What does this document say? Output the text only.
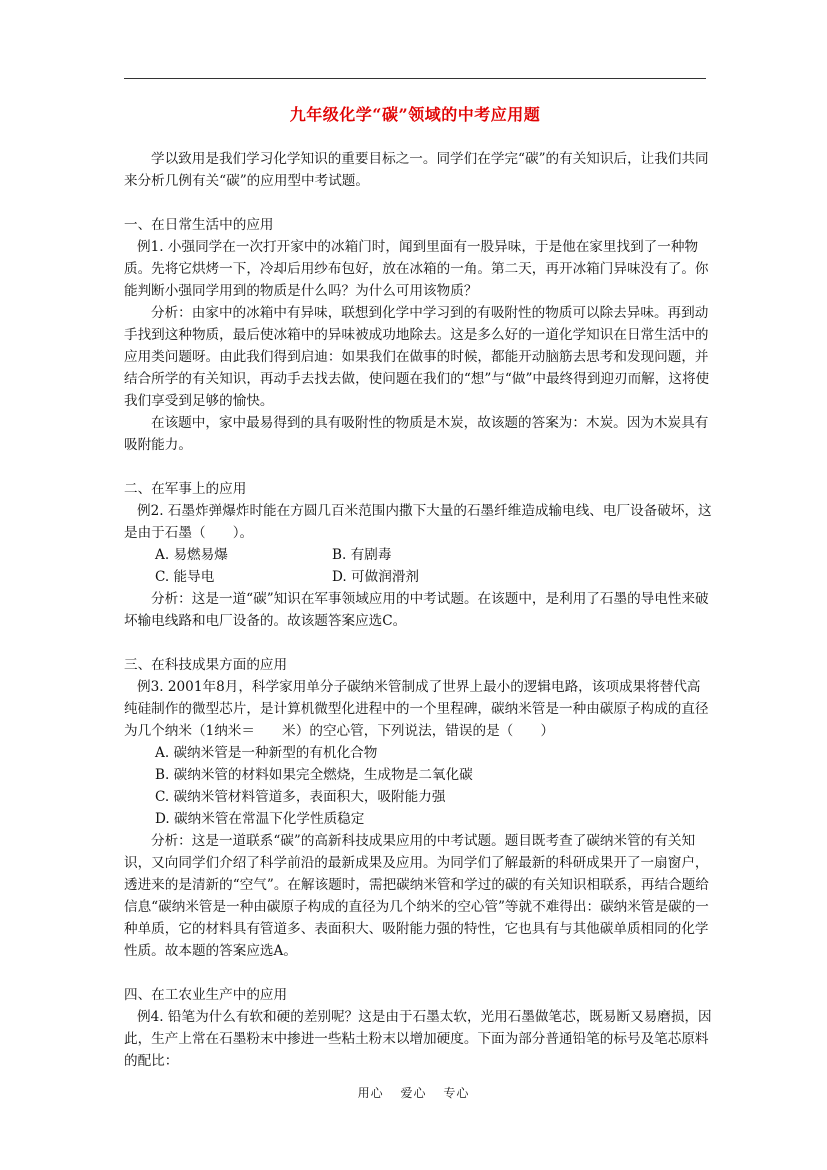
九年级化学“碳”领域的中考应用题

学以致用是我们学习化学知识的重要目标之一。同学们在学完“碳”的有关知识后，让我们共同来分析几例有关“碳”的应用型中考试题。

一、在日常生活中的应用

例1. 小强同学在一次打开家中的冰箱门时，闻到里面有一股异味，于是他在家里找到了一种物质。先将它烘烤一下，冷却后用纱布包好，放在冰箱的一角。第二天，再开冰箱门异味没有了。你能判断小强同学用到的物质是什么吗？为什么可用该物质？

分析：由家中的冰箱中有异味，联想到化学中学习到的有吸附性的物质可以除去异味。再到动手找到这种物质，最后使冰箱中的异味被成功地除去。这是多么好的一道化学知识在日常生活中的应用类问题呀。由此我们得到启迪：如果我们在做事的时候，都能开动脑筋去思考和发现问题，并结合所学的有关知识，再动手去找去做，使问题在我们的“想”与“做”中最终得到迎刃而解，这将使我们享受到足够的愉快。

在该题中，家中最易得到的具有吸附性的物质是木炭，故该题的答案为：木炭。因为木炭具有吸附能力。

二、在军事上的应用

例2. 石墨炸弹爆炸时能在方圆几百米范围内撒下大量的石墨纤维造成输电线、电厂设备破坏，这是由于石墨（　　）。

A. 易燃易爆	B. 有剧毒
C. 能导电	D. 可做润滑剂

分析：这是一道“碳”知识在军事领域应用的中考试题。在该题中，是利用了石墨的导电性来破坏输电线路和电厂设备的。故该题答案应选C。

三、在科技成果方面的应用

例3. 2001年8月，科学家用单分子碳纳米管制成了世界上最小的逻辑电路，该项成果将替代高纯硅制作的微型芯片，是计算机微型化进程中的一个里程碑，碳纳米管是一种由碳原子构成的直径为几个纳米（1纳米＝　　米）的空心管，下列说法，错误的是（　　）

A. 碳纳米管是一种新型的有机化合物
B. 碳纳米管的材料如果完全燃烧，生成物是二氧化碳
C. 碳纳米管材料管道多，表面积大，吸附能力强
D. 碳纳米管在常温下化学性质稳定

分析：这是一道联系“碳”的高新科技成果应用的中考试题。题目既考查了碳纳米管的有关知识，又向同学们介绍了科学前沿的最新成果及应用。为同学们了解最新的科研成果开了一扇窗户，透进来的是清新的“空气”。在解该题时，需把碳纳米管和学过的碳的有关知识相联系，再结合题给信息“碳纳米管是一种由碳原子构成的直径为几个纳米的空心管”等就不难得出：碳纳米管是碳的一种单质，它的材料具有管道多、表面积大、吸附能力强的特性，它也具有与其他碳单质相同的化学性质。故本题的答案应选A。

四、在工农业生产中的应用

例4. 铅笔为什么有软和硬的差别呢？这是由于石墨太软，光用石墨做笔芯，既易断又易磨损，因此，生产上常在石墨粉末中掺进一些粘土粉末以增加硬度。下面为部分普通铅笔的标号及笔芯原料的配比：

用心 爱心 专心
